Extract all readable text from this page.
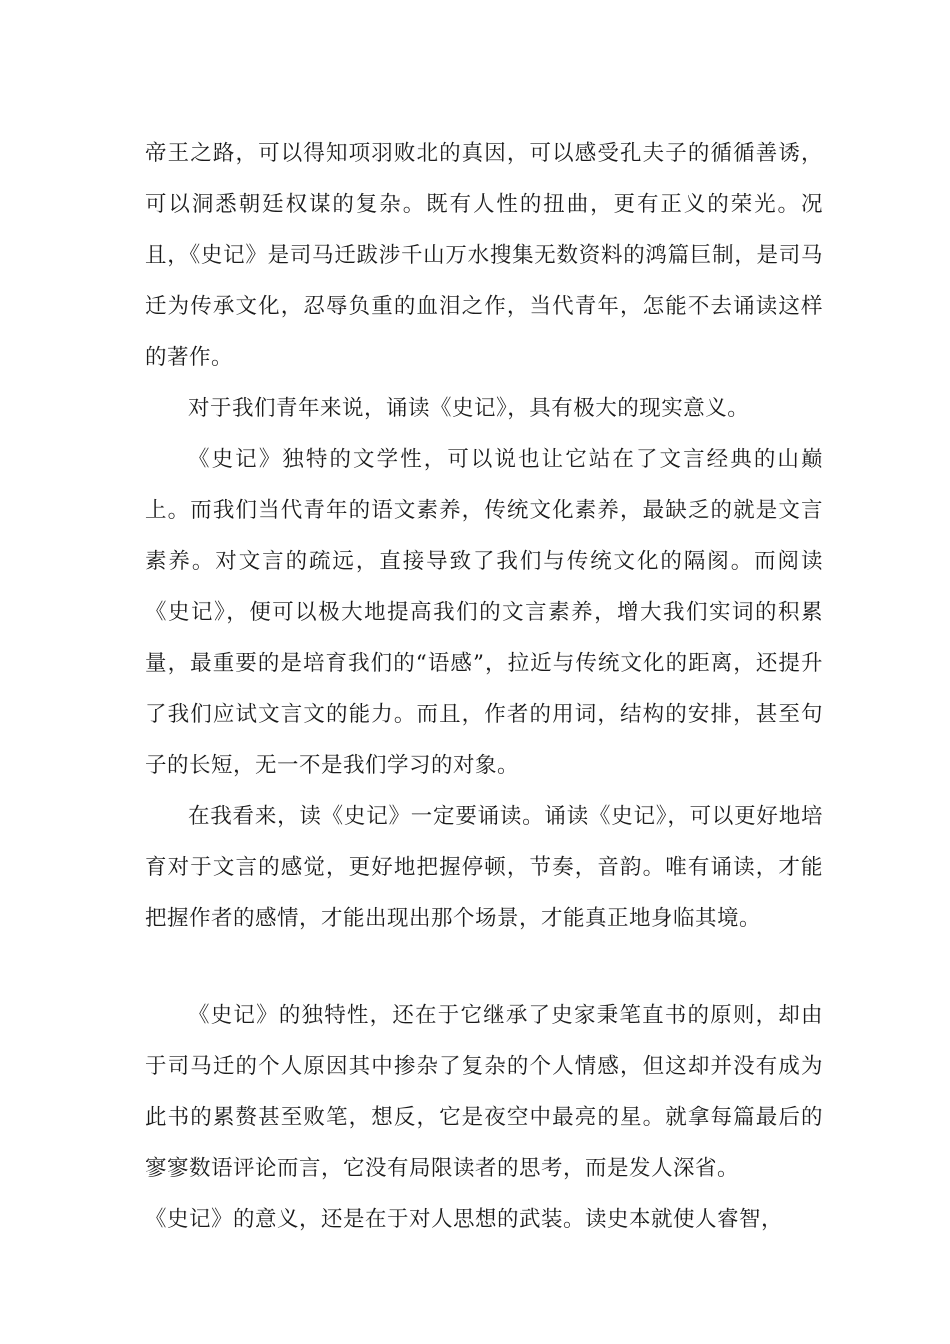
帝王之路，可以得知项羽败北的真因，可以感受孔夫子的循循善诱，可以洞悉朝廷权谋的复杂。既有人性的扭曲，更有正义的荣光。况且，《史记》是司马迁跋涉千山万水搜集无数资料的鸿篇巨制，是司马迁为传承文化，忍辱负重的血泪之作，当代青年，怎能不去诵读这样的著作。

对于我们青年来说，诵读《史记》，具有极大的现实意义。

《史记》独特的文学性，可以说也让它站在了文言经典的山巅上。而我们当代青年的语文素养，传统文化素养，最缺乏的就是文言素养。对文言的疏远，直接导致了我们与传统文化的隔阂。而阅读《史记》，便可以极大地提高我们的文言素养，增大我们实词的积累量，最重要的是培育我们的“语感”，拉近与传统文化的距离，还提升了我们应试文言文的能力。而且，作者的用词，结构的安排，甚至句子的长短，无一不是我们学习的对象。

在我看来，读《史记》一定要诵读。诵读《史记》，可以更好地培育对于文言的感觉，更好地把握停顿，节奏，音韵。唯有诵读，才能把握作者的感情，才能出现出那个场景，才能真正地身临其境。

《史记》的独特性，还在于它继承了史家秉笔直书的原则，却由于司马迁的个人原因其中掺杂了复杂的个人情感，但这却并没有成为此书的累赘甚至败笔，想反，它是夜空中最亮的星。就拿每篇最后的寥寥数语评论而言，它没有局限读者的思考，而是发人深省。

《史记》的意义，还是在于对人思想的武装。读史本就使人睿智，
